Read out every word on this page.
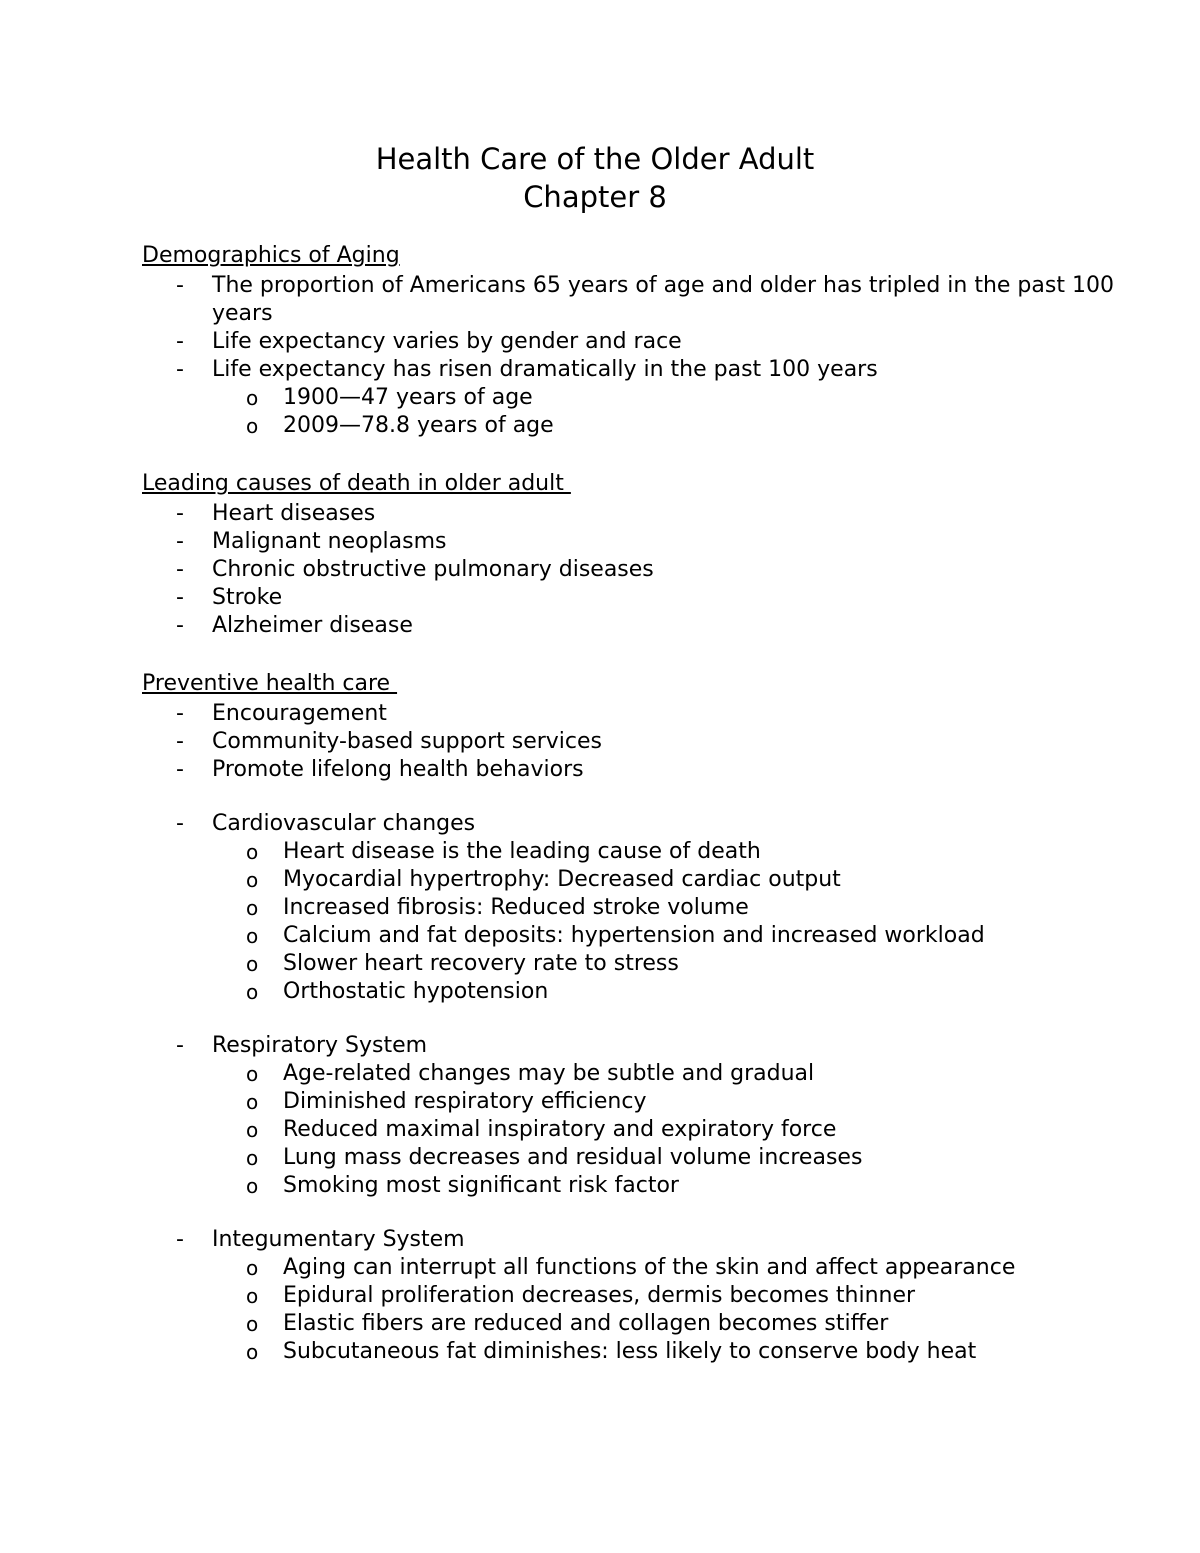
Health Care of the Older Adult
Chapter 8
Demographics of Aging
- The proportion of Americans 65 years of age and older has tripled in the past 100 years
- Life expectancy varies by gender and race
- Life expectancy has risen dramatically in the past 100 years
o 1900—47 years of age
o 2009—78.8 years of age
Leading causes of death in older adult
- Heart diseases
- Malignant neoplasms
- Chronic obstructive pulmonary diseases
- Stroke
- Alzheimer disease
Preventive health care
- Encouragement
- Community-based support services
- Promote lifelong health behaviors
- Cardiovascular changes
o Heart disease is the leading cause of death
o Myocardial hypertrophy: Decreased cardiac output
o Increased fibrosis: Reduced stroke volume
o Calcium and fat deposits: hypertension and increased workload
o Slower heart recovery rate to stress
o Orthostatic hypotension
- Respiratory System
o Age-related changes may be subtle and gradual
o Diminished respiratory efficiency
o Reduced maximal inspiratory and expiratory force
o Lung mass decreases and residual volume increases
o Smoking most significant risk factor
- Integumentary System
o Aging can interrupt all functions of the skin and affect appearance
o Epidural proliferation decreases, dermis becomes thinner
o Elastic fibers are reduced and collagen becomes stiffer
o Subcutaneous fat diminishes: less likely to conserve body heat
